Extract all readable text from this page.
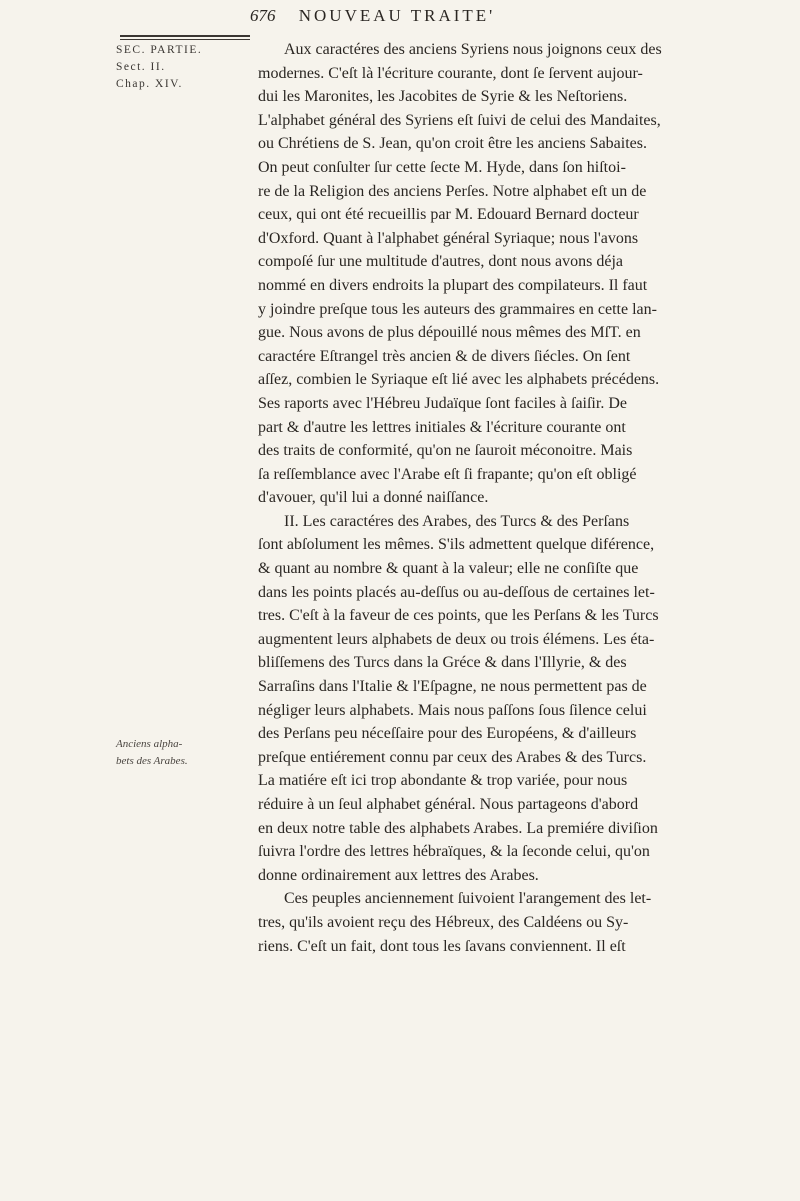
676 NOUVEAU TRAITE'
SEC. PARTIE.
Sect. II.
Chap. XIV.
Anciens alpha-
bets des Arabes.
Aux caractéres des anciens Syriens nous joignons ceux des
modernes. C'eſt là l'écriture courante, dont ſe ſervent aujour-
dui les Maronites, les Jacobites de Syrie & les Neſtoriens.
L'alphabet général des Syriens eſt ſuivi de celui des Mandaites,
ou Chrétiens de S. Jean, qu'on croit être les anciens Sabaites.
On peut conſulter ſur cette ſecte M. Hyde, dans ſon hiſtoi-
re de la Religion des anciens Perſes. Notre alphabet eſt un de
ceux, qui ont été recueillis par M. Edouard Bernard docteur
d'Oxford. Quant à l'alphabet général Syriaque; nous l'avons
compoſé ſur une multitude d'autres, dont nous avons déja
nommé en divers endroits la plupart des compilateurs. Il faut
y joindre preſque tous les auteurs des grammaires en cette lan-
gue. Nous avons de plus dépouillé nous mêmes des MſT. en
caractére Eſtrangel très ancien & de divers ſiécles. On ſent
aſſez, combien le Syriaque eſt lié avec les alphabets précédens.
Ses raports avec l'Hébreu Judaïque ſont faciles à ſaiſir. De
part & d'autre les lettres initiales & l'écriture courante ont
des traits de conformité, qu'on ne ſauroit méconoitre. Mais
ſa reſſemblance avec l'Arabe eſt ſi frapante; qu'on eſt obligé
d'avouer, qu'il lui a donné naiſſance.
II. Les caractéres des Arabes, des Turcs & des Perſans
ſont abſolument les mêmes. S'ils admettent quelque diférence,
& quant au nombre & quant à la valeur; elle ne conſiſte que
dans les points placés au-deſſus ou au-deſſous de certaines let-
tres. C'eſt à la faveur de ces points, que les Perſans & les Turcs
augmentent leurs alphabets de deux ou trois élémens. Les éta-
bliſſemens des Turcs dans la Gréce & dans l'Illyrie, & des
Sarraſins dans l'Italie & l'Eſpagne, ne nous permettent pas de
négliger leurs alphabets. Mais nous paſſons ſous ſilence celui
des Perſans peu néceſſaire pour des Européens, & d'ailleurs
preſque entiérement connu par ceux des Arabes & des Turcs.
La matiére eſt ici trop abondante & trop variée, pour nous
réduire à un ſeul alphabet général. Nous partageons d'abord
en deux notre table des alphabets Arabes. La premiére diviſion
ſuivra l'ordre des lettres hébraïques, & la ſeconde celui, qu'on
donne ordinairement aux lettres des Arabes.
Ces peuples anciennement ſuivoient l'arangement des let-
tres, qu'ils avoient reçu des Hébreux, des Caldéens ou Sy-
riens. C'eſt un fait, dont tous les ſavans conviennent. Il eſt
